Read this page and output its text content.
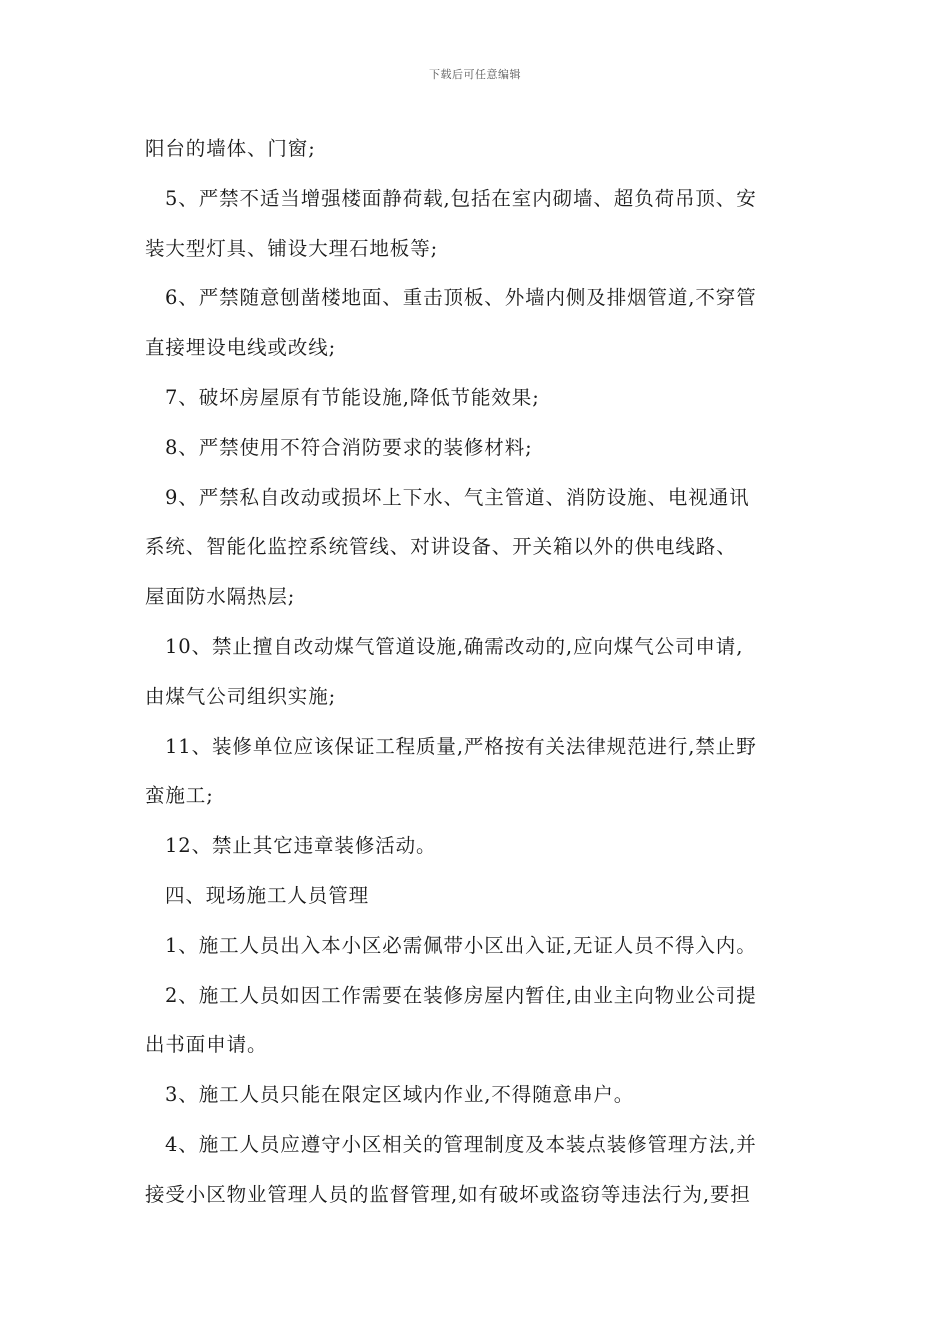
下载后可任意编辑
阳台的墙体、门窗;
5、严禁不适当增强楼面静荷载,包括在室内砌墙、超负荷吊顶、安
装大型灯具、铺设大理石地板等;
6、严禁随意刨凿楼地面、重击顶板、外墙内侧及排烟管道,不穿管
直接埋设电线或改线;
7、破坏房屋原有节能设施,降低节能效果;
8、严禁使用不符合消防要求的装修材料;
9、严禁私自改动或损坏上下水、气主管道、消防设施、电视通讯
系统、智能化监控系统管线、对讲设备、开关箱以外的供电线路、
屋面防水隔热层;
10、禁止擅自改动煤气管道设施,确需改动的,应向煤气公司申请,
由煤气公司组织实施;
11、装修单位应该保证工程质量,严格按有关法律规范进行,禁止野
蛮施工;
12、禁止其它违章装修活动。
四、现场施工人员管理
1、施工人员出入本小区必需佩带小区出入证,无证人员不得入内。
2、施工人员如因工作需要在装修房屋内暂住,由业主向物业公司提
出书面申请。
3、施工人员只能在限定区域内作业,不得随意串户。
4、施工人员应遵守小区相关的管理制度及本装点装修管理方法,并
接受小区物业管理人员的监督管理,如有破坏或盗窃等违法行为,要担
